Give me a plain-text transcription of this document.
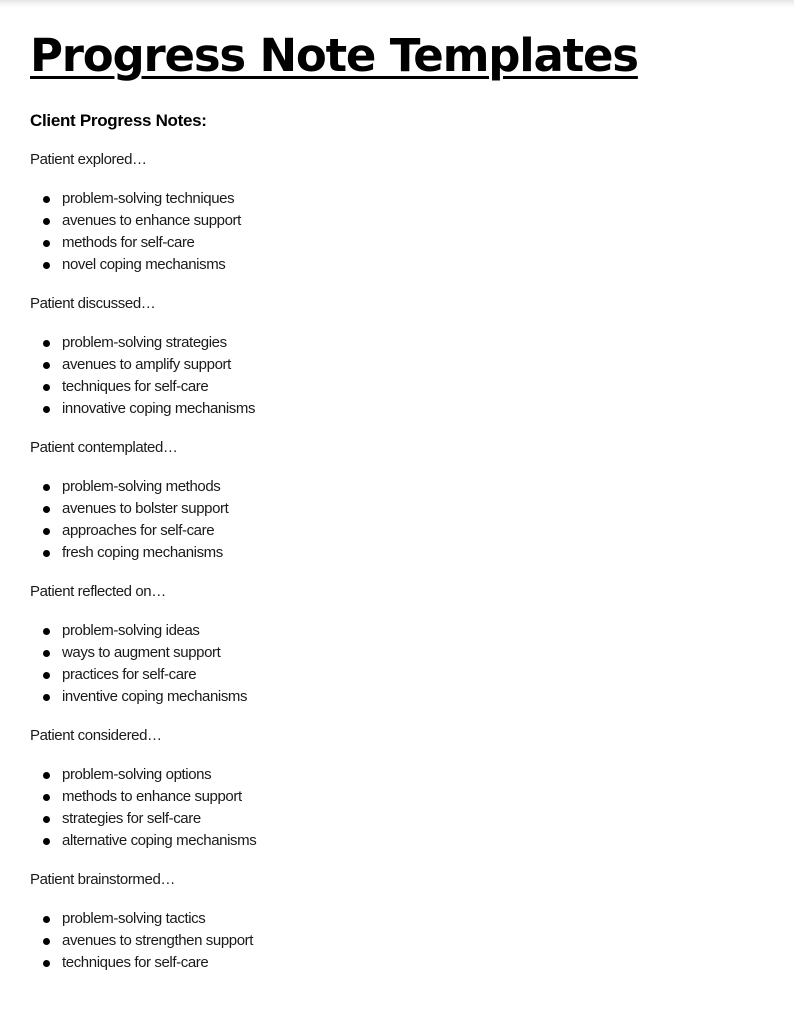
Progress Note Templates
Client Progress Notes:

Patient explored…

problem-solving techniques
avenues to enhance support
methods for self-care
novel coping mechanisms

Patient discussed…

problem-solving strategies
avenues to amplify support
techniques for self-care
innovative coping mechanisms

Patient contemplated…

problem-solving methods
avenues to bolster support
approaches for self-care
fresh coping mechanisms

Patient reflected on…

problem-solving ideas
ways to augment support
practices for self-care
inventive coping mechanisms

Patient considered…

problem-solving options
methods to enhance support
strategies for self-care
alternative coping mechanisms

Patient brainstormed…

problem-solving tactics
avenues to strengthen support
techniques for self-care
